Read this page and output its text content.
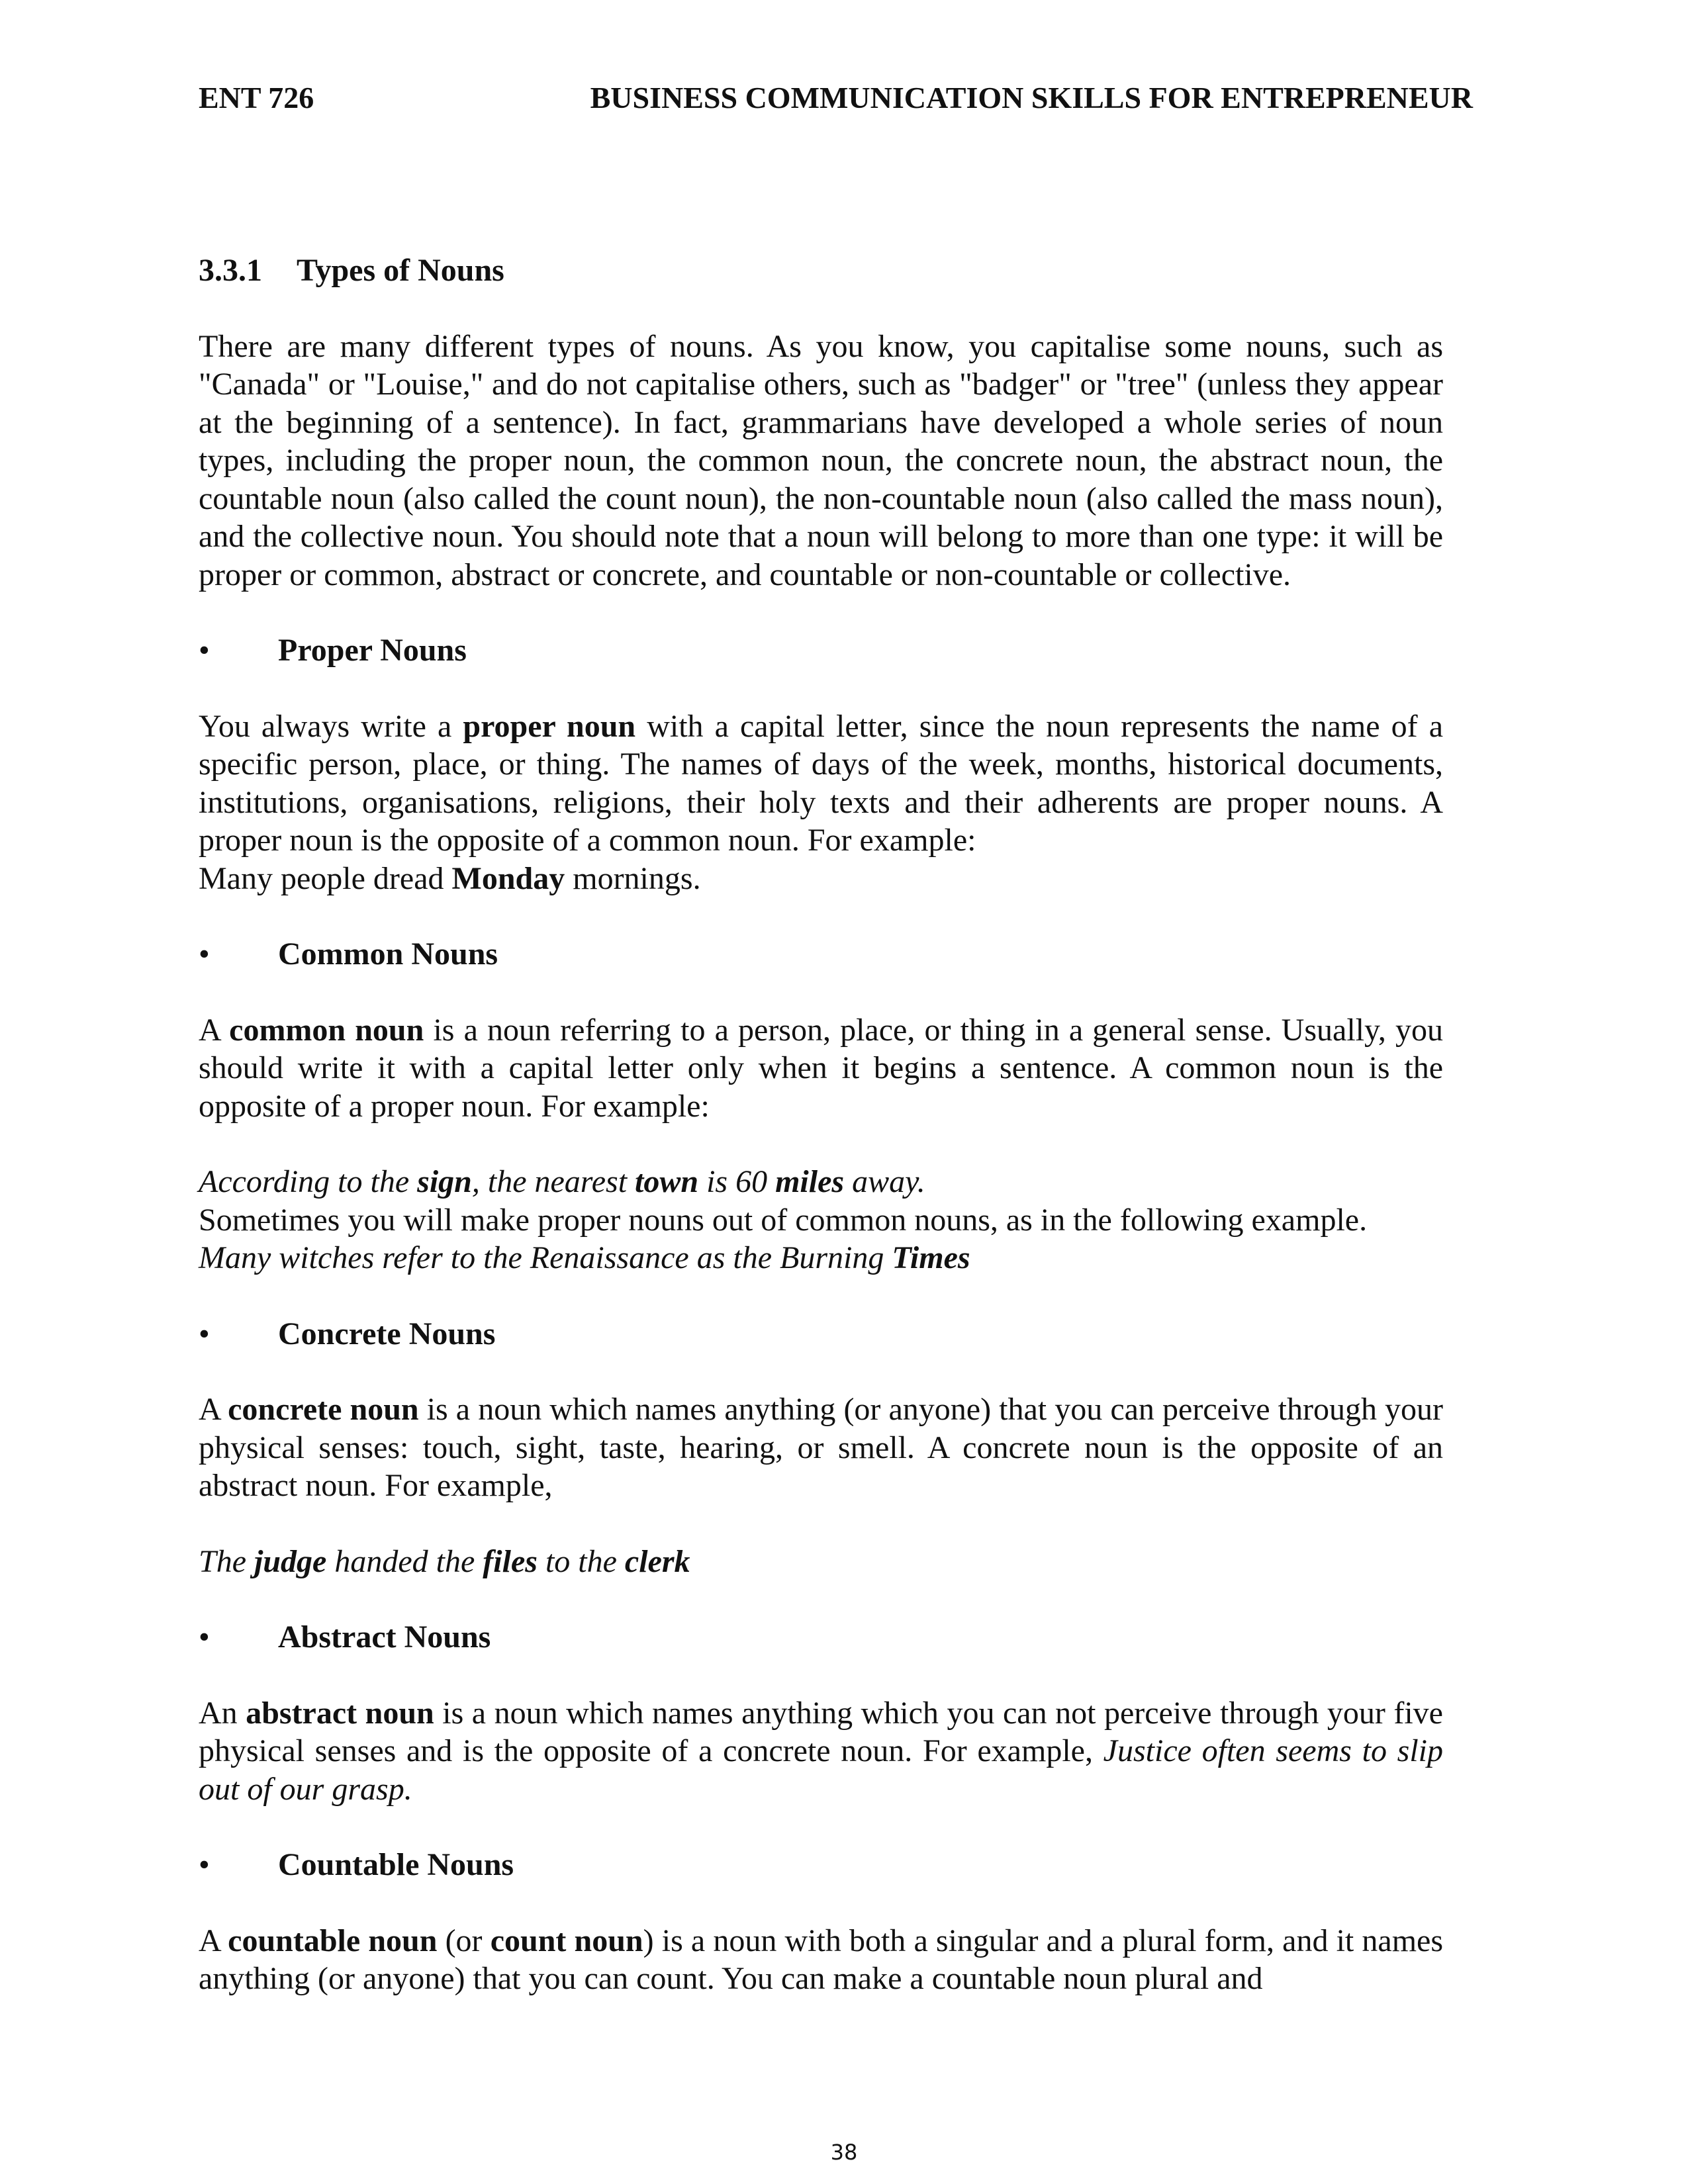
ENT 726	BUSINESS COMMUNICATION SKILLS FOR ENTREPRENEUR
3.3.1 Types of Nouns

There are many different types of nouns. As you know, you capitalise some nouns, such as "Canada" or "Louise," and do not capitalise others, such as "badger" or "tree" (unless they appear at the beginning of a sentence). In fact, grammarians have developed a whole series of noun types, including the proper noun, the common noun, the concrete noun, the abstract noun, the countable noun (also called the count noun), the non-countable noun (also called the mass noun), and the collective noun. You should note that a noun will belong to more than one type: it will be proper or common, abstract or concrete, and countable or non-countable or collective.

• Proper Nouns

You always write a proper noun with a capital letter, since the noun represents the name of a specific person, place, or thing. The names of days of the week, months, historical documents, institutions, organisations, religions, their holy texts and their adherents are proper nouns. A proper noun is the opposite of a common noun. For example:

Many people dread Monday mornings.

• Common Nouns

A common noun is a noun referring to a person, place, or thing in a general sense. Usually, you should write it with a capital letter only when it begins a sentence. A common noun is the opposite of a proper noun. For example:

According to the sign, the nearest town is 60 miles away.

Sometimes you will make proper nouns out of common nouns, as in the following example.

Many witches refer to the Renaissance as the Burning Times

• Concrete Nouns

A concrete noun is a noun which names anything (or anyone) that you can perceive through your physical senses: touch, sight, taste, hearing, or smell. A concrete noun is the opposite of an abstract noun. For example,

The judge handed the files to the clerk

• Abstract Nouns

An abstract noun is a noun which names anything which you can not perceive through your five physical senses and is the opposite of a concrete noun. For example, Justice often seems to slip out of our grasp.

• Countable Nouns

A countable noun (or count noun) is a noun with both a singular and a plural form, and it names anything (or anyone) that you can count. You can make a countable noun plural and

38
